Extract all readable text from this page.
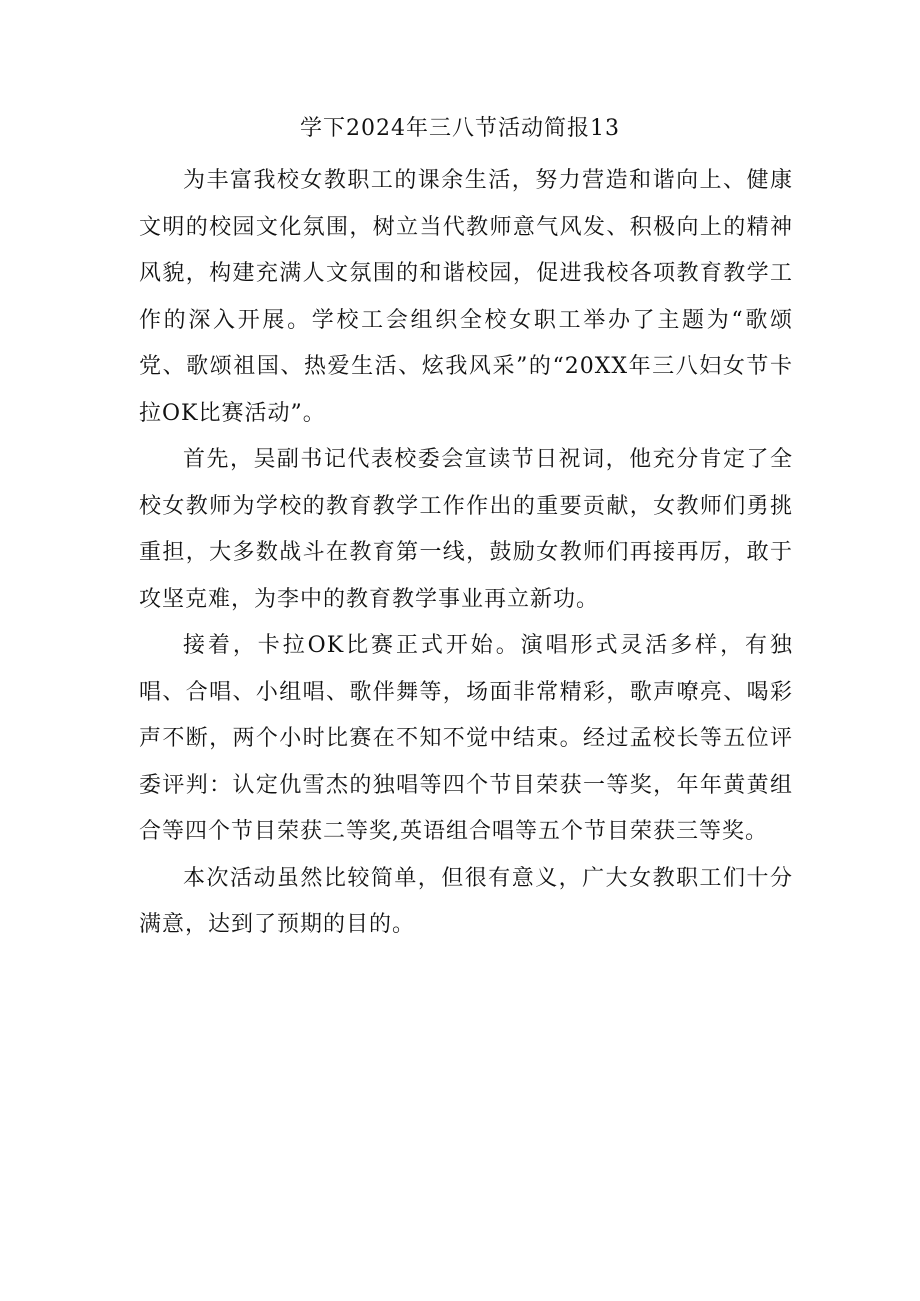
学下2024年三八节活动简报13

为丰富我校女教职工的课余生活，努力营造和谐向上、健康文明的校园文化氛围，树立当代教师意气风发、积极向上的精神风貌，构建充满人文氛围的和谐校园，促进我校各项教育教学工作的深入开展。学校工会组织全校女职工举办了主题为“歌颂党、歌颂祖国、热爱生活、炫我风采”的“20XX年三八妇女节卡拉OK比赛活动”。

首先，吴副书记代表校委会宣读节日祝词，他充分肯定了全校女教师为学校的教育教学工作作出的重要贡献，女教师们勇挑重担，大多数战斗在教育第一线，鼓励女教师们再接再厉，敢于攻坚克难，为李中的教育教学事业再立新功。

接着，卡拉OK比赛正式开始。演唱形式灵活多样，有独唱、合唱、小组唱、歌伴舞等，场面非常精彩，歌声嘹亮、喝彩声不断，两个小时比赛在不知不觉中结束。经过孟校长等五位评委评判：认定仇雪杰的独唱等四个节目荣获一等奖，年年黄黄组合等四个节目荣获二等奖,英语组合唱等五个节目荣获三等奖。

本次活动虽然比较简单，但很有意义，广大女教职工们十分满意，达到了预期的目的。
